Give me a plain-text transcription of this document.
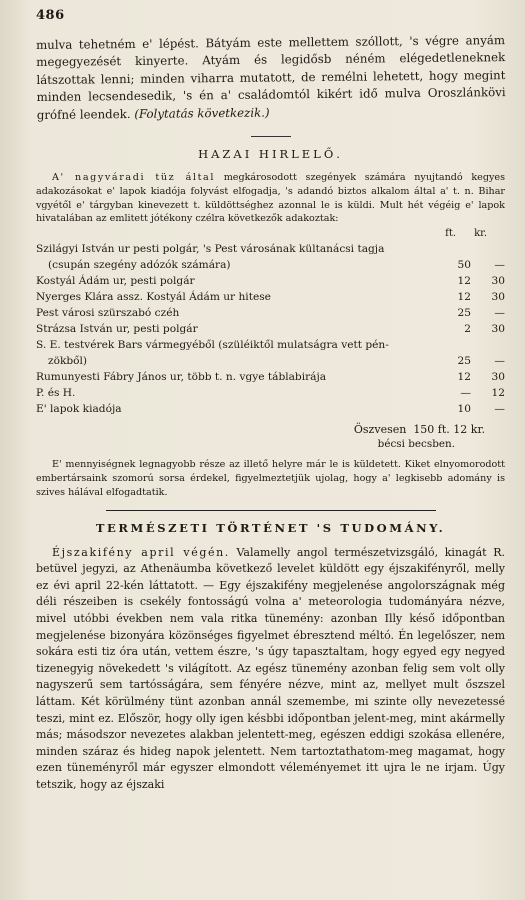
486

mulva tehetném e' lépést. Bátyám este mellettem szóllott, 's végre anyám megegyezését kinyerte. Atyám és legidősb néném elégedetleneknek látszottak lenni; minden viharra mutatott, de remélni lehetett, hogy megint minden lecsendesedik, 's én a' családomtól kikért idő mulva Oroszlánkövi grófné leendek. (Folytatás következik.)

HAZAI HIRLELŐ.

A' nagyváradi tüz által megkárosodott szegények számára nyujtandó kegyes adakozásokat e' lapok kiadója folyvást elfogadja, 's adandó biztos alkalom által a' t. n. Bihar vgyétől e' tárgyban kinevezett t. küldöttséghez azonnal le is küldi. Mult hét végéig e' lapok hivatalában az emlitett jótékony czélra következők adakoztak:

ft. kr.
Szilágyi István ur pesti polgár, 's Pest városának kültanácsi tagja
(csupán szegény adózók számára)	50	—
Kostyál Ádám ur, pesti polgár	12	30
Nyerges Klára assz. Kostyál Ádám ur hitese	12	30
Pest városi szürszabó czéh	25	—
Strázsa István ur, pesti polgár	2	30
S. E. testvérek Bars vármegyéből (szüléiktől mulatságra vett pén-
zökből)	25	—
Rumunyesti Fábry János ur, több t. n. vgye táblabirája	12	30
P. és H.	—	12
E' lapok kiadója	10	—
Öszvesen
150 ft. 12 kr.
bécsi becsben.

E' mennyiségnek legnagyobb része az illető helyre már le is küldetett. Kiket elnyomorodott embertársaink szomorú sorsa érdekel, figyelmeztetjük ujolag, hogy a' legkisebb adomány is szives hálával elfogadtatik.

TERMÉSZETI TÖRTÉNET 'S TUDOMÁNY.

Éjszakifény april végén. Valamelly angol természetvizsgáló, kinagát R. betüvel jegyzi, az Athenäumba következő levelet küldött egy éjszakifényről, melly ez évi april 22-kén láttatott. — Egy éjszakifény megjelenése angolországnak még déli részeiben is csekély fontosságú volna a' meteorologia tudományára nézve, mivel utóbbi években nem vala ritka tünemény: azonban Illy késő időpontban megjelenése bizonyára közönséges figyelmet ébresztend méltó. Én legelőszer, nem sokára esti tiz óra után, vettem észre, 's úgy tapasztaltam, hogy egyed egy negyed tizenegyig növekedett 's világított. Az egész tünemény azonban felig sem volt olly nagyszerű sem tartósságára, sem fényére nézve, mint az, mellyet mult őszszel láttam. Két körülmény tünt azonban annál szemembe, mi szinte olly nevezetessé teszi, mint ez. Először, hogy olly igen késbbi időpontban jelent-meg, mint akármelly más; másodszor nevezetes alakban jelentett-meg, egészen eddigi szokása ellenére, minden száraz és hideg napok jelentett. Nem tartoztathatom-meg magamat, hogy ezen tüneményről már egyszer elmondott véleményemet itt ujra le ne irjam. Úgy tetszik, hogy az éjszaki
